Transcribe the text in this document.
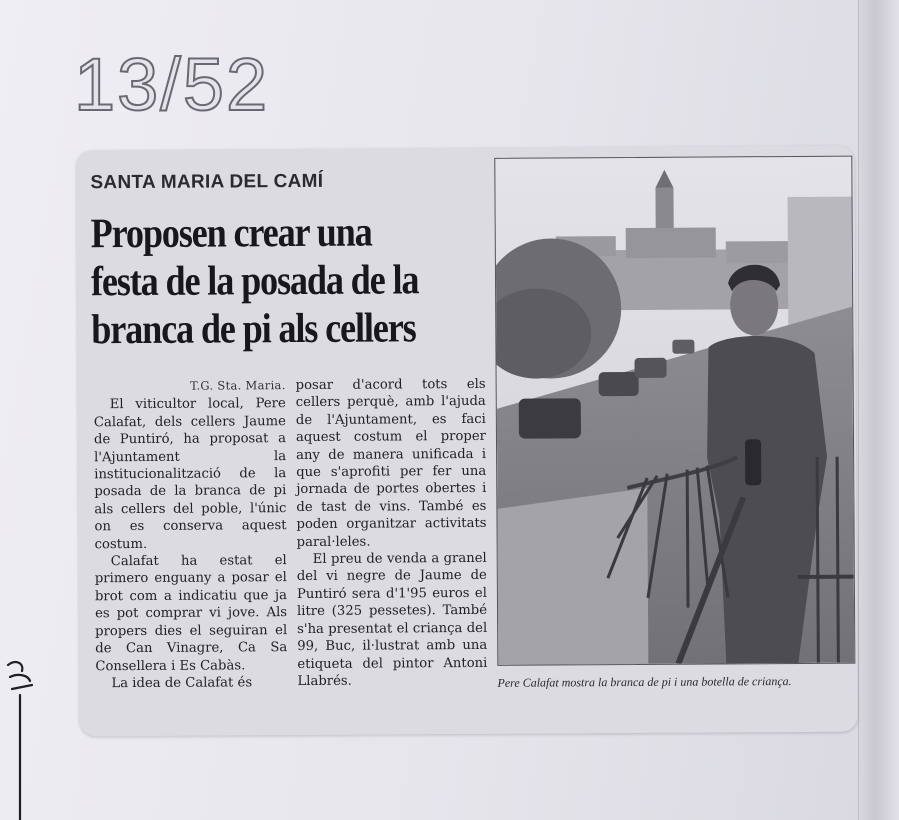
13/52
SANTA MARIA DEL CAMÍ
Proposen crear una
festa de la posada de la
branca de pi als cellers
T.G. Sta. Maria.

El viticultor local, Pere Calafat, dels cellers Jaume de Puntiró, ha proposat a l'Ajuntament la institucionalització de la posada de la branca de pi als cellers del poble, l'únic on es conserva aquest costum.

Calafat ha estat el primero enguany a posar el brot com a indicatiu que ja es pot comprar vi jove. Als propers dies el seguiran el de Can Vinagre, Ca Sa Consellera i Es Cabàs.

La idea de Calafat és

posar d'acord tots els cellers perquè, amb l'ajuda de l'Ajuntament, es faci aquest costum el proper any de manera unificada i que s'aprofiti per fer una jornada de portes obertes i de tast de vins. També es poden organitzar activitats paral·leles.

El preu de venda a granel del vi negre de Jaume de Puntiró sera d'1'95 euros el litre (325 pessetes). També s'ha presentat el criança del 99, Buc, il·lustrat amb una etiqueta del pintor Antoni Llabrés.	Pere Calafat mostra la branca de pi i una botella de criança.
